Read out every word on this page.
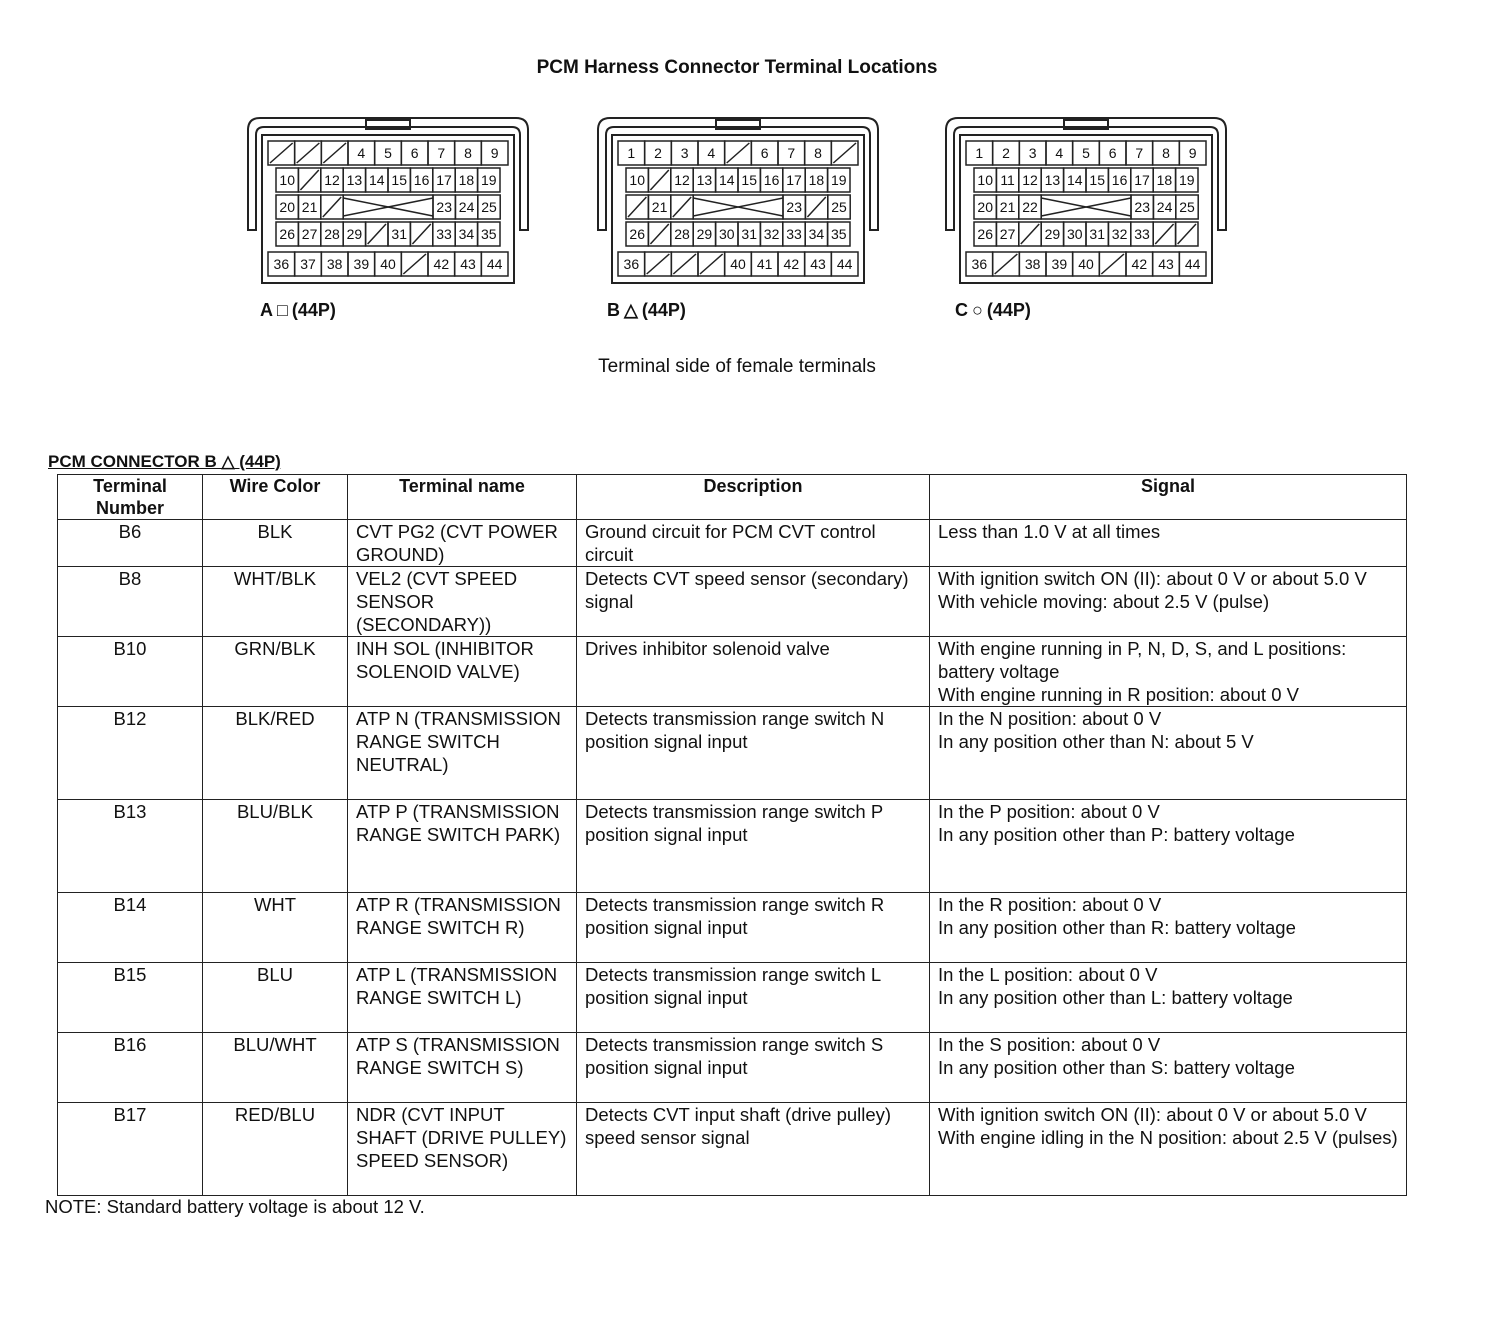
PCM Harness Connector Terminal Locations
4 5 6 7 8 9
10 12 13 14 15 16 17 18 19
20 21	23 24 25
26 27 28 29 31 33 34 35
36 37 38 39 40	42 43 44
1 2 3 4	6 7 8
10 12 13 14 15 16 17 18 19
21	23 25
26 28 29 30 31 32 33 34 35
36	40 41 42 43 44
1 2 3 4 5 6 7 8 9
10 11 12 13 14 15 16 17 18 19
20 21 22	23 24 25
26 27 29 30 31 32 33
36	38 39 40	42 43 44
A □ (44P)	B △ (44P)	C ○ (44P)
Terminal side of female terminals
PCM CONNECTOR B △ (44P)
Terminal Number	Wire Color	Terminal name	Description	Signal
B6	BLK	CVT PG2 (CVT POWER GROUND)	Ground circuit for PCM CVT control circuit	Less than 1.0 V at all times

B8	WHT/BLK	VEL2 (CVT SPEED SENSOR (SECONDARY))	Detects CVT speed sensor (secondary) signal	With ignition switch ON (II): about 0 V or about 5.0 V
With vehicle moving: about 2.5 V (pulse)

B10	GRN/BLK	INH SOL (INHIBITOR SOLENOID VALVE)	Drives inhibitor solenoid valve	With engine running in P, N, D, S, and L positions: battery voltage
With engine running in R position: about 0 V

B12	BLK/RED	ATP N (TRANSMISSION RANGE SWITCH NEUTRAL)	Detects transmission range switch N position signal input	In the N position: about 0 V
In any position other than N: about 5 V

B13	BLU/BLK	ATP P (TRANSMISSION RANGE SWITCH PARK)	Detects transmission range switch P position signal input	In the P position: about 0 V
In any position other than P: battery voltage

B14	WHT	ATP R (TRANSMISSION RANGE SWITCH R)	Detects transmission range switch R position signal input	In the R position: about 0 V
In any position other than R: battery voltage

B15	BLU	ATP L (TRANSMISSION RANGE SWITCH L)	Detects transmission range switch L position signal input	In the L position: about 0 V
In any position other than L: battery voltage

B16	BLU/WHT	ATP S (TRANSMISSION RANGE SWITCH S)	Detects transmission range switch S position signal input	In the S position: about 0 V
In any position other than S: battery voltage

B17	RED/BLU	NDR (CVT INPUT SHAFT (DRIVE PULLEY) SPEED SENSOR)	Detects CVT input shaft (drive pulley) speed sensor signal	With ignition switch ON (II): about 0 V or about 5.0 V
With engine idling in the N position: about 2.5 V (pulses)
NOTE: Standard battery voltage is about 12 V.
